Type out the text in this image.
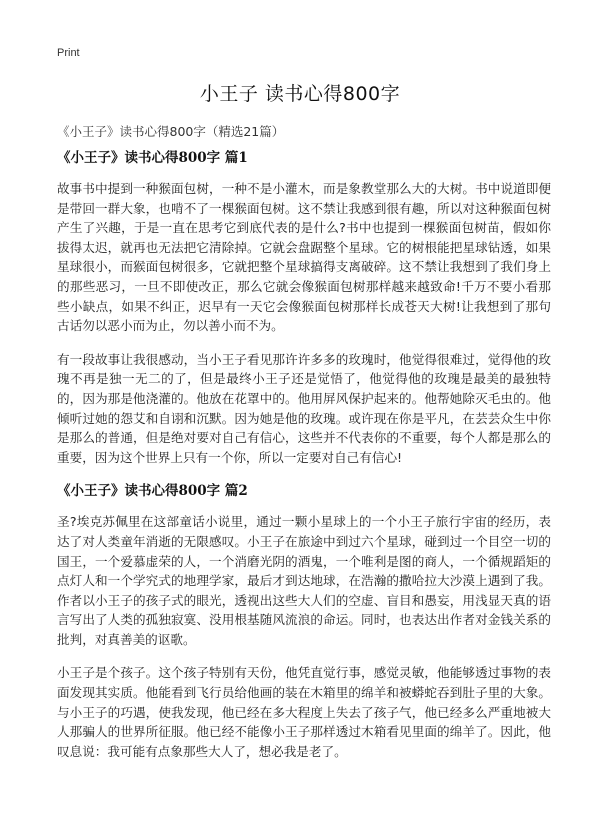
Print
小王子 读书心得800字
《小王子》读书心得800字（精选21篇）
《小王子》读书心得800字 篇1

故事书中提到一种猴面包树，一种不是小灌木，而是象教堂那么大的大树。书中说道即便是带回一群大象，也啃不了一棵猴面包树。这不禁让我感到很有趣，所以对这种猴面包树产生了兴趣，于是一直在思考它到底代表的是什么?书中也提到一棵猴面包树苗，假如你拔得太迟，就再也无法把它清除掉。它就会盘踞整个星球。它的树根能把星球钻透，如果星球很小，而猴面包树很多，它就把整个星球搞得支离破碎。这不禁让我想到了我们身上的那些恶习，一旦不即使改正，那么它就会像猴面包树那样越来越致命!千万不要小看那些小缺点，如果不纠正，迟早有一天它会像猴面包树那样长成苍天大树!让我想到了那句古话勿以恶小而为止，勿以善小而不为。

有一段故事让我很感动，当小王子看见那许许多多的玫瑰时，他觉得很难过，觉得他的玫瑰不再是独一无二的了，但是最终小王子还是觉悟了，他觉得他的玫瑰是最美的最独特的，因为那是他浇灌的。他放在花罩中的。他用屏风保护起来的。他帮她除灭毛虫的。他倾听过她的怨艾和自诩和沉默。因为她是他的玫瑰。或许现在你是平凡，在芸芸众生中你是那么的普通，但是绝对要对自己有信心，这些并不代表你的不重要，每个人都是那么的重要，因为这个世界上只有一个你，所以一定要对自己有信心!

《小王子》读书心得800字 篇2

圣?埃克苏佩里在这部童话小说里，通过一颗小星球上的一个小王子旅行宇宙的经历，表达了对人类童年消逝的无限感叹。小王子在旅途中到过六个星球，碰到过一个目空一切的国王，一个爱慕虚荣的人，一个消磨光阴的酒鬼，一个唯利是图的商人，一个循规蹈矩的点灯人和一个学究式的地理学家，最后才到达地球，在浩瀚的撒哈拉大沙漠上遇到了我。作者以小王子的孩子式的眼光，透视出这些大人们的空虚、盲目和愚妄，用浅显天真的语言写出了人类的孤独寂寞、没用根基随风流浪的命运。同时，也表达出作者对金钱关系的批判，对真善美的讴歌。

小王子是个孩子。这个孩子特别有天份，他凭直觉行事，感觉灵敏，他能够透过事物的表面发现其实质。他能看到飞行员给他画的装在木箱里的绵羊和被蟒蛇吞到肚子里的大象。与小王子的巧遇，使我发现，他已经在多大程度上失去了孩子气，他已经多么严重地被大人那骗人的世界所征服。他已经不能像小王子那样透过木箱看见里面的绵羊了。因此，他叹息说：我可能有点象那些大人了，想必我是老了。
